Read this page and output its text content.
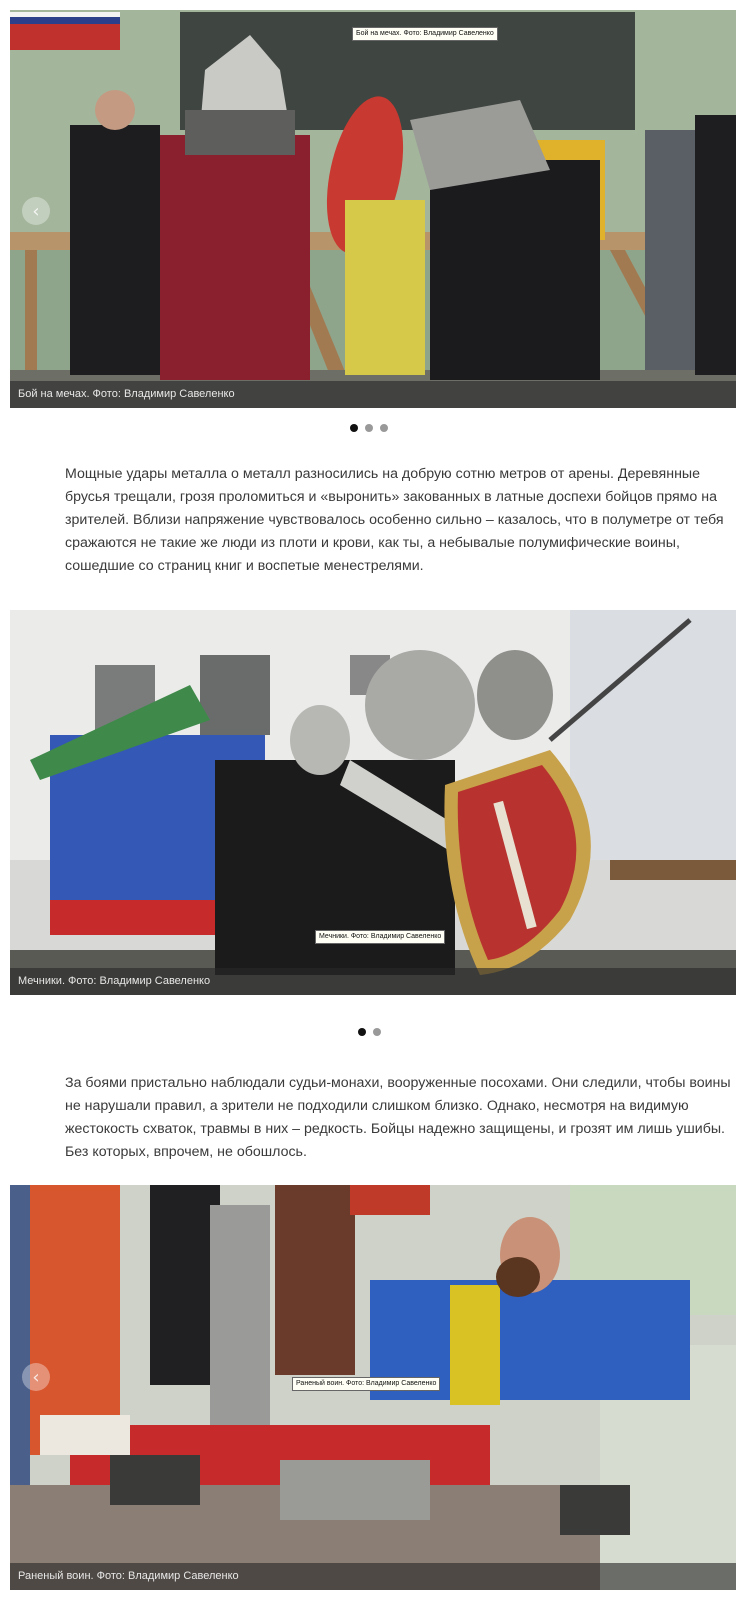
Бой на мечах. Фото: Владимир Савеленко
‹
Бой на мечах. Фото: Владимир Савеленко

Мощные удары металла о металл разносились на добрую сотню метров от арены. Деревянные брусья трещали, грозя проломиться и «выронить» закованных в латные доспехи бойцов прямо на зрителей. Вблизи напряжение чувствовалось особенно сильно – казалось, что в полуметре от тебя сражаются не такие же люди из плоти и крови, как ты, а небывалые полумифические воины, сошедшие со страниц книг и воспетые менестрелями.

Мечники. Фото: Владимир Савеленко
Мечники. Фото: Владимир Савеленко

За боями пристально наблюдали судьи-монахи, вооруженные посохами. Они следили, чтобы воины не нарушали правил, а зрители не подходили слишком близко. Однако, несмотря на видимую жестокость схваток, травмы в них – редкость. Бойцы надежно защищены, и грозят им лишь ушибы. Без которых, впрочем, не обошлось.

Раненый воин. Фото: Владимир Савеленко
‹
Раненый воин. Фото: Владимир Савеленко
